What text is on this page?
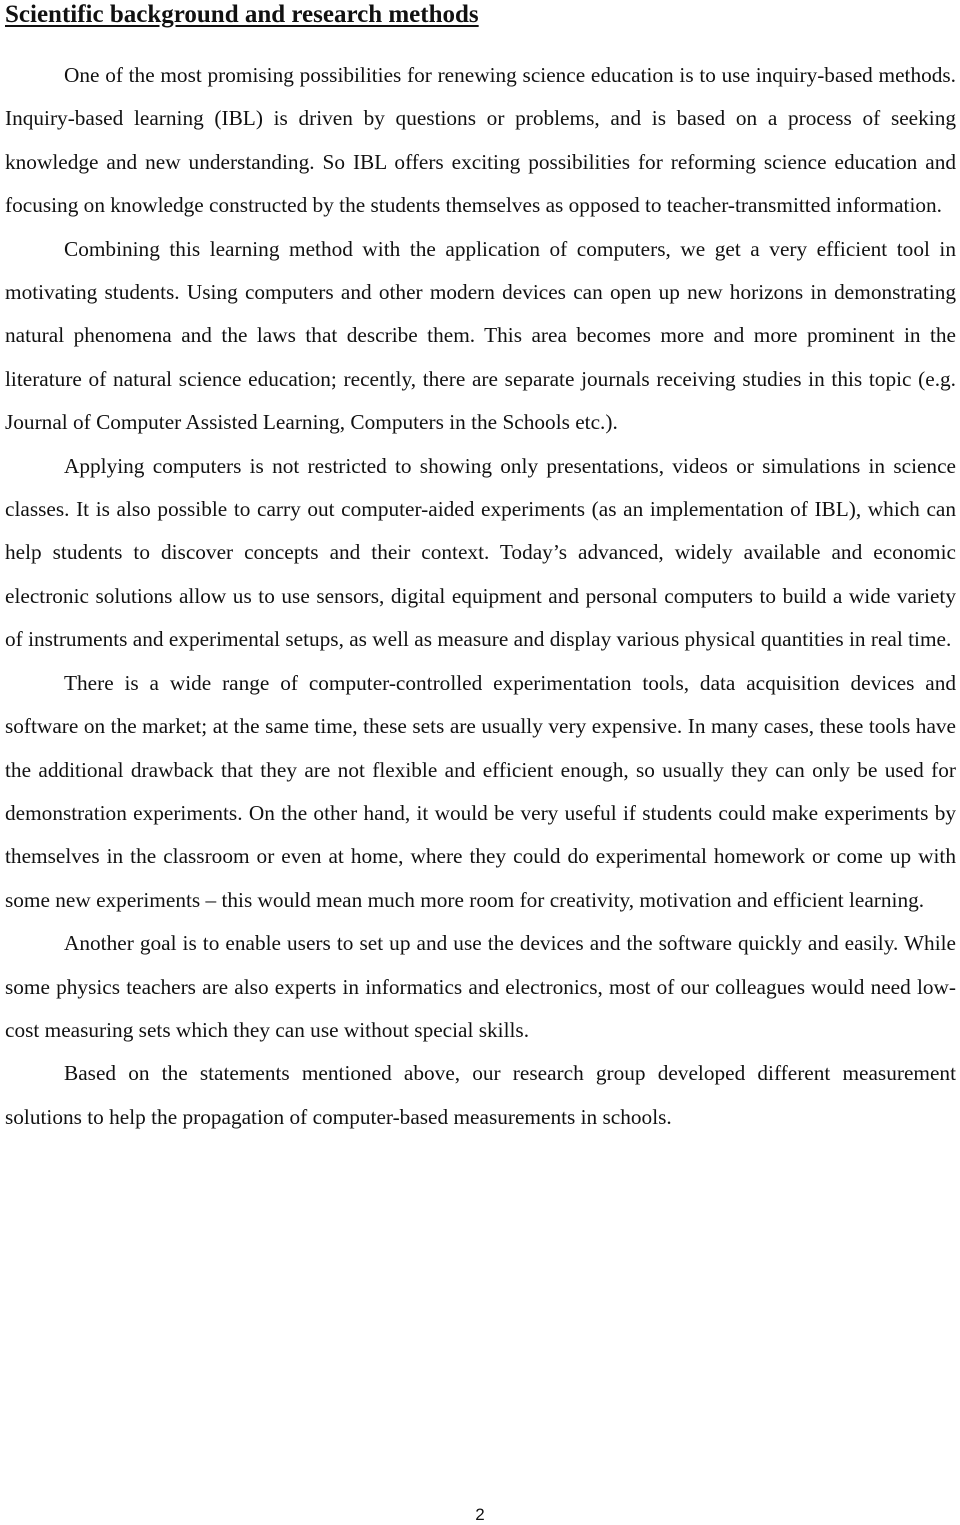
Scientific background and research methods

One of the most promising possibilities for renewing science education is to use inquiry-based methods. Inquiry-based learning (IBL) is driven by questions or problems, and is based on a process of seeking knowledge and new understanding. So IBL offers exciting possibilities for reforming science education and focusing on knowledge constructed by the students themselves as opposed to teacher-transmitted information.

Combining this learning method with the application of computers, we get a very efficient tool in motivating students. Using computers and other modern devices can open up new horizons in demonstrating natural phenomena and the laws that describe them. This area becomes more and more prominent in the literature of natural science education; recently, there are separate journals receiving studies in this topic (e.g. Journal of Computer Assisted Learning, Computers in the Schools etc.).

Applying computers is not restricted to showing only presentations, videos or simulations in science classes. It is also possible to carry out computer-aided experiments (as an implementation of IBL), which can help students to discover concepts and their context. Today’s advanced, widely available and economic electronic solutions allow us to use sensors, digital equipment and personal computers to build a wide variety of instruments and experimental setups, as well as measure and display various physical quantities in real time.

There is a wide range of computer-controlled experimentation tools, data acquisition devices and software on the market; at the same time, these sets are usually very expensive. In many cases, these tools have the additional drawback that they are not flexible and efficient enough, so usually they can only be used for demonstration experiments. On the other hand, it would be very useful if students could make experiments by themselves in the classroom or even at home, where they could do experimental homework or come up with some new experiments – this would mean much more room for creativity, motivation and efficient learning.

Another goal is to enable users to set up and use the devices and the software quickly and easily. While some physics teachers are also experts in informatics and electronics, most of our colleagues would need low-cost measuring sets which they can use without special skills.

Based on the statements mentioned above, our research group developed different measurement solutions to help the propagation of computer-based measurements in schools.

2
